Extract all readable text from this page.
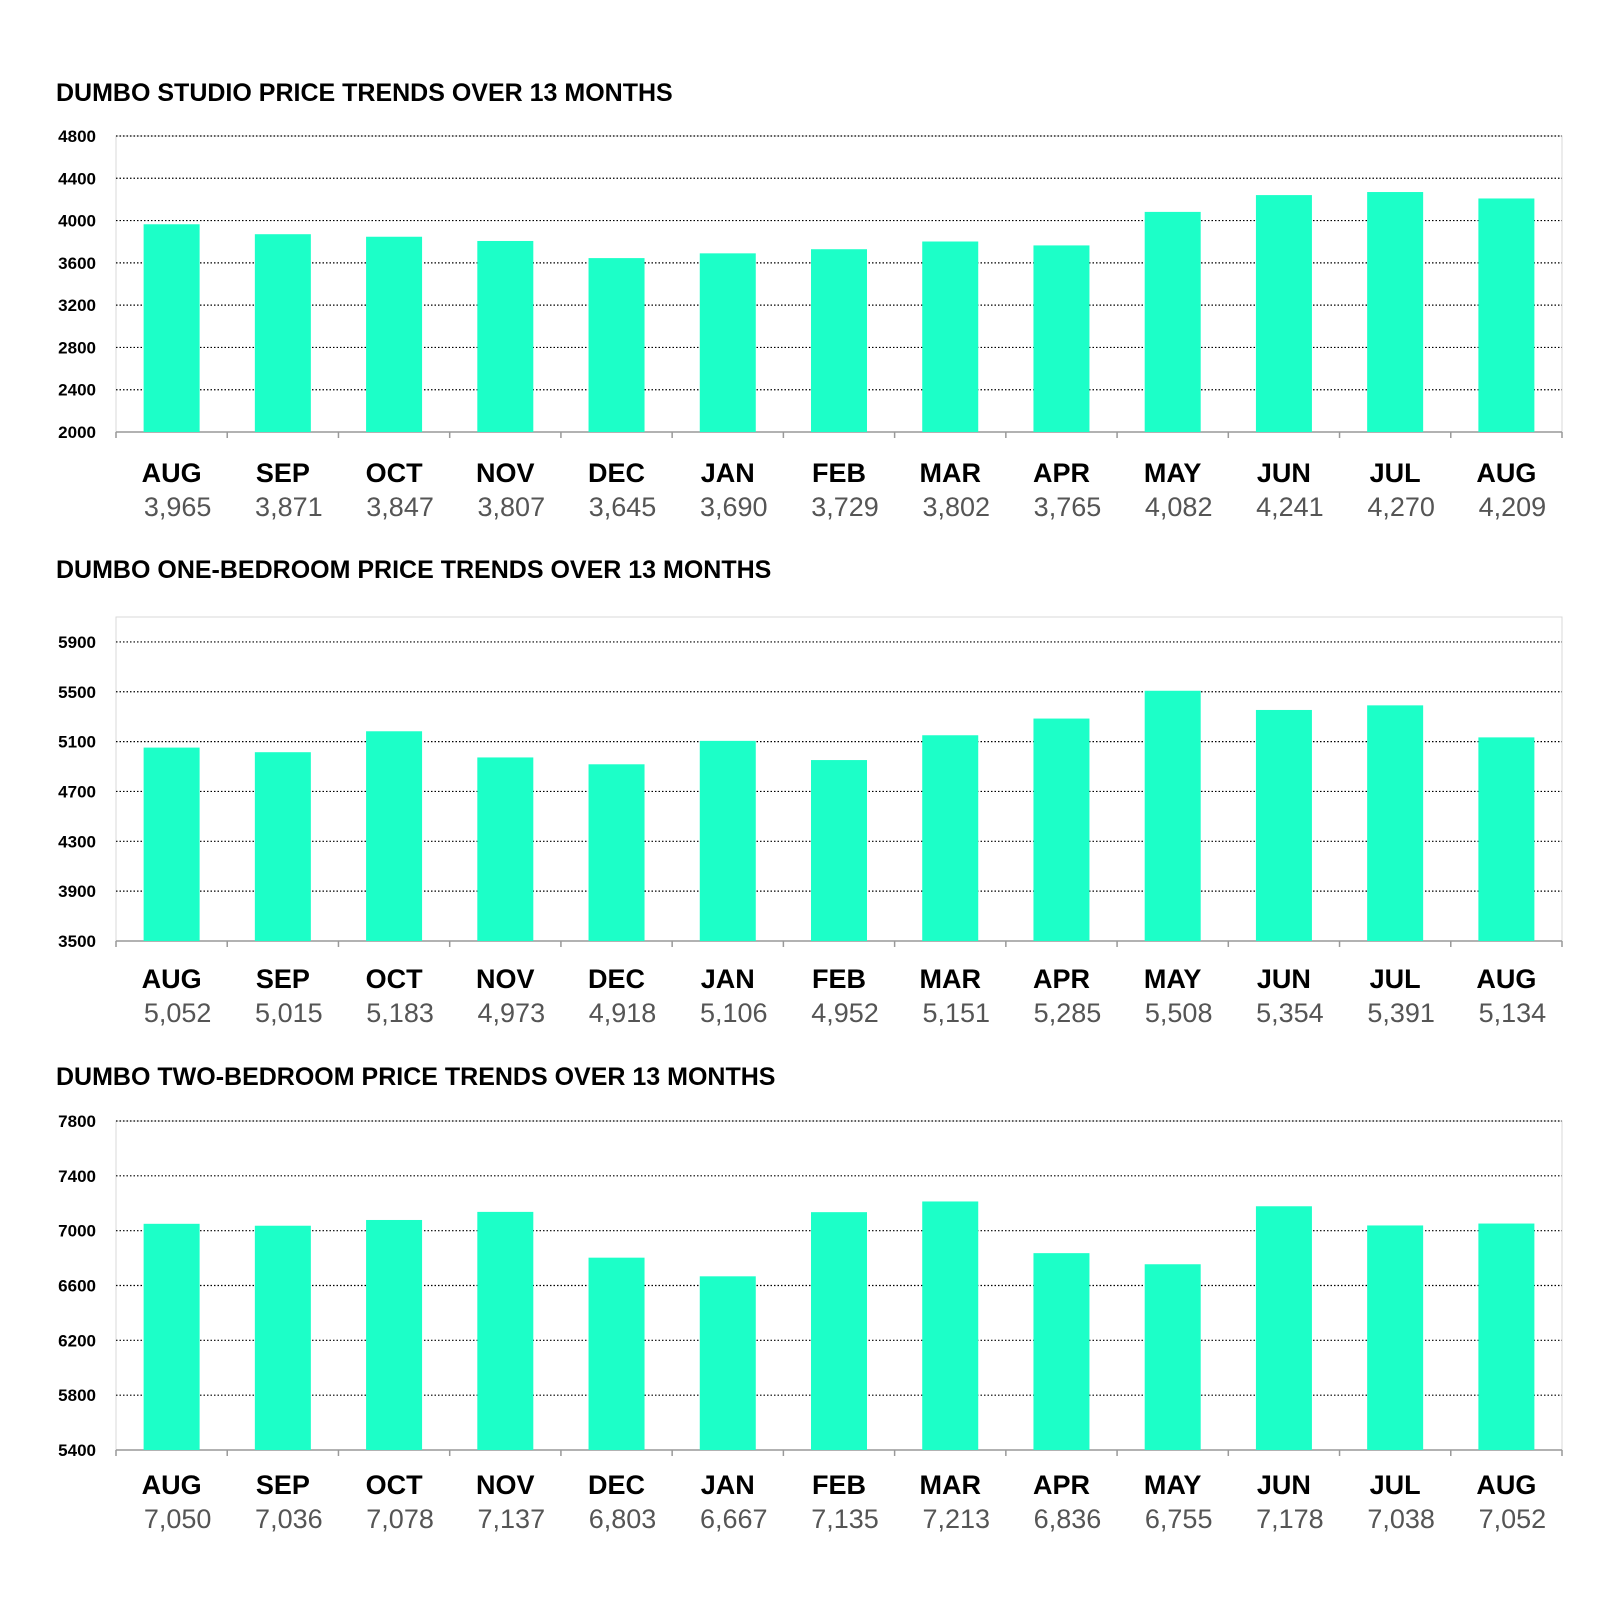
DUMBO STUDIO PRICE TRENDS OVER 13 MONTHS
2000
2400
2800
3200
3600
4000
4400
4800
AUG
3,965
SEP
3,871
OCT
3,847
NOV
3,807
DEC
3,645
JAN
3,690
FEB
3,729
MAR
3,802
APR
3,765
MAY
4,082
JUN
4,241
JUL
4,270
AUG
4,209
DUMBO ONE-BEDROOM PRICE TRENDS OVER 13 MONTHS
3500
3900
4300
4700
5100
5500
5900
AUG
5,052
SEP
5,015
OCT
5,183
NOV
4,973
DEC
4,918
JAN
5,106
FEB
4,952
MAR
5,151
APR
5,285
MAY
5,508
JUN
5,354
JUL
5,391
AUG
5,134
DUMBO TWO-BEDROOM PRICE TRENDS OVER 13 MONTHS
5400
5800
6200
6600
7000
7400
7800
AUG
7,050
SEP
7,036
OCT
7,078
NOV
7,137
DEC
6,803
JAN
6,667
FEB
7,135
MAR
7,213
APR
6,836
MAY
6,755
JUN
7,178
JUL
7,038
AUG
7,052
